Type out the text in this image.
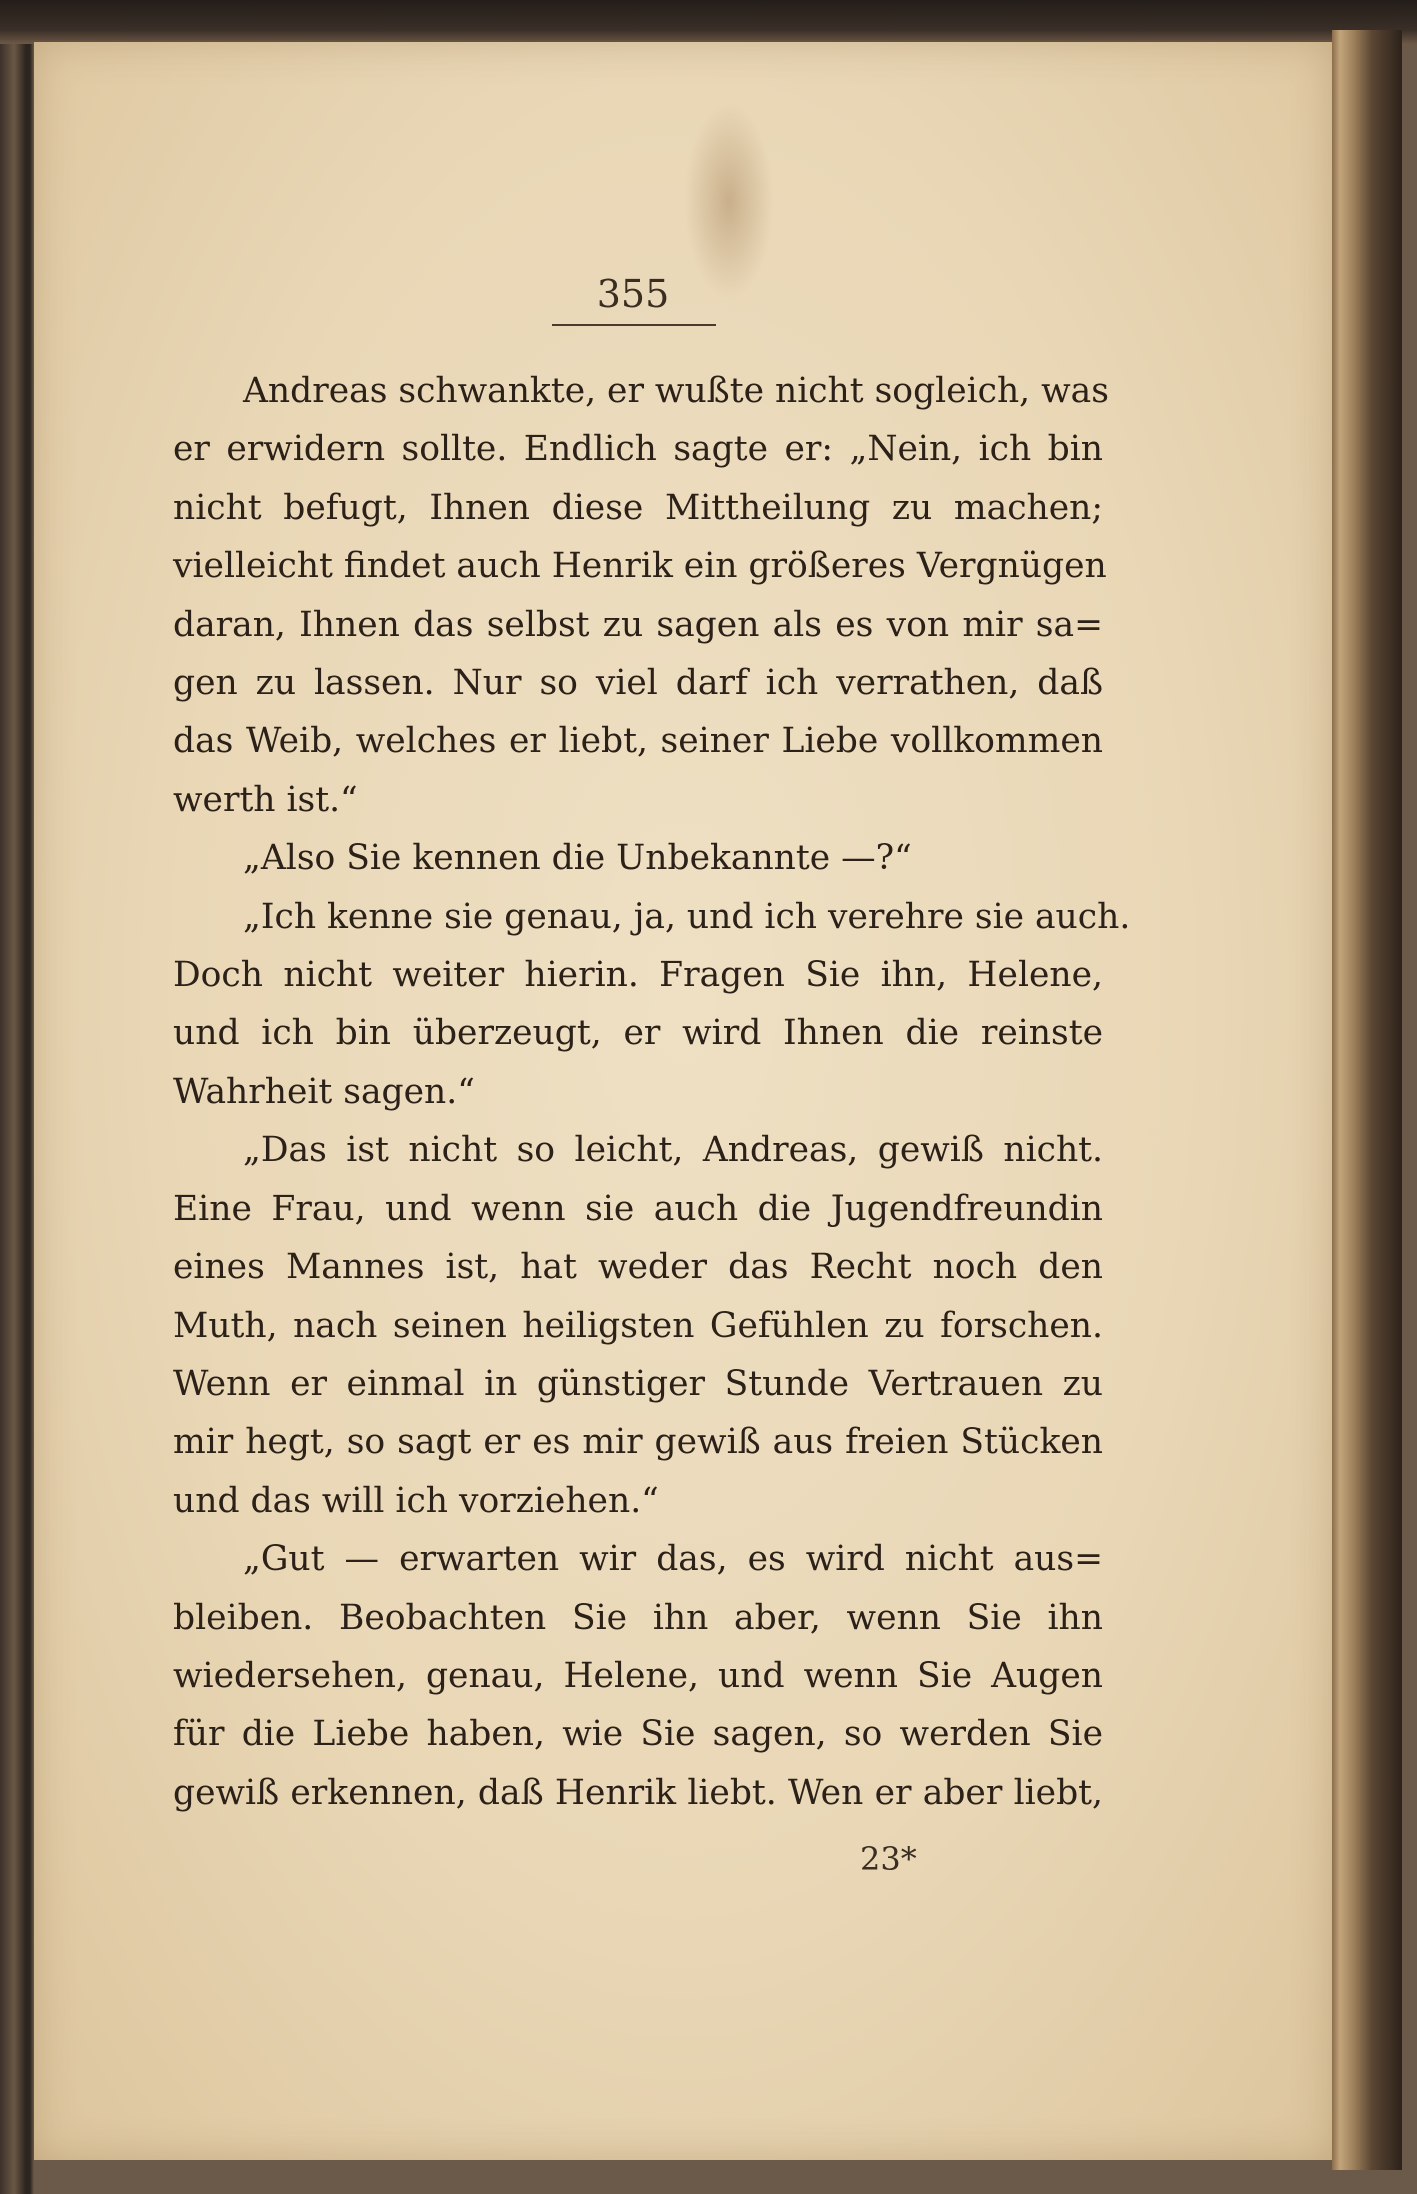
355
Andreas schwankte, er wußte nicht sogleich, was
er erwidern sollte. Endlich sagte er: „Nein, ich bin
nicht befugt, Ihnen diese Mittheilung zu machen;
vielleicht findet auch Henrik ein größeres Vergnügen
daran, Ihnen das selbst zu sagen als es von mir sa=
gen zu lassen. Nur so viel darf ich verrathen, daß
das Weib, welches er liebt, seiner Liebe vollkommen
werth ist.“
„Also Sie kennen die Unbekannte —?“
„Ich kenne sie genau, ja, und ich verehre sie auch.
Doch nicht weiter hierin. Fragen Sie ihn, Helene,
und ich bin überzeugt, er wird Ihnen die reinste
Wahrheit sagen.“
„Das ist nicht so leicht, Andreas, gewiß nicht.
Eine Frau, und wenn sie auch die Jugendfreundin
eines Mannes ist, hat weder das Recht noch den
Muth, nach seinen heiligsten Gefühlen zu forschen.
Wenn er einmal in günstiger Stunde Vertrauen zu
mir hegt, so sagt er es mir gewiß aus freien Stücken
und das will ich vorziehen.“
„Gut — erwarten wir das, es wird nicht aus=
bleiben. Beobachten Sie ihn aber, wenn Sie ihn
wiedersehen, genau, Helene, und wenn Sie Augen
für die Liebe haben, wie Sie sagen, so werden Sie
gewiß erkennen, daß Henrik liebt. Wen er aber liebt,
23*
